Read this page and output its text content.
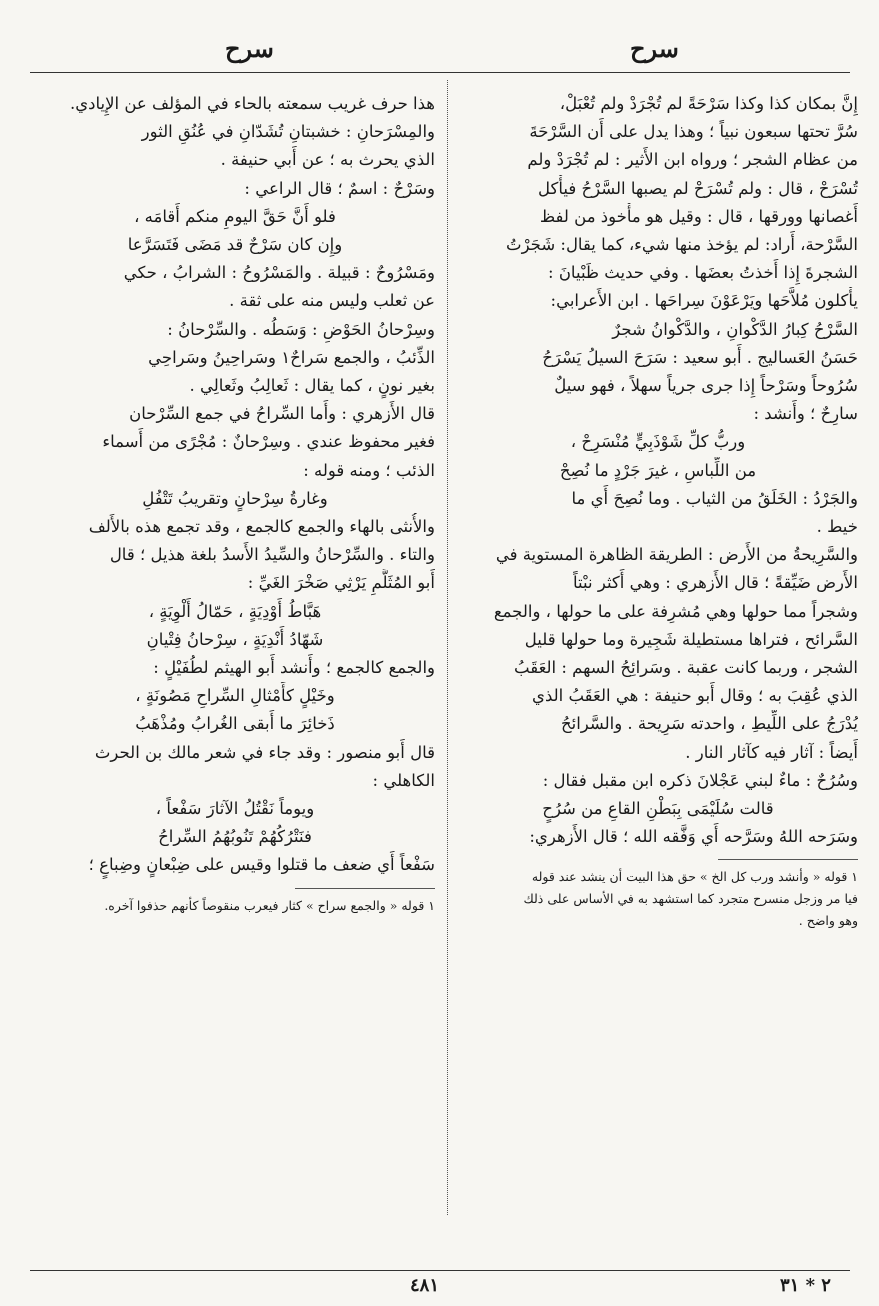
سرح
سرح
إِنَّ بمكان كذا وكذا سَرْحَةً لم تُجْرَدْ ولم تُعْبَلْ،
سُرَّ تحتها سبعون نبياً ؛ وهذا يدل على أَن السَّرْحَةَ
من عظام الشجر ؛ ورواه ابن الأَثير : لم تُجْرَدْ ولم
تُسْرَحْ ، قال : ولم تُسْرَحْ لم يصبها السَّرْحُ فيأْكل
أَغصانها وورقها ، قال : وقيل هو مأْخوذ من لفظ
السَّرْحة، أَراد: لم يؤخذ منها شيء، كما يقال: شَجَرْتُ
الشجرةَ إِذا أَخذتُ بعضَها . وفي حديث ظَبْيانَ :
يأْكلون مُلاَّحَها ويَرْعَوْنَ سِراحَها . ابن الأَعرابي:
السَّرْحُ كِبارُ الدَّكْوانِ ، والدَّكْوانُ شجرٌ
حَسَنُ العَساليج . أَبو سعيد : سَرَحَ السيلُ يَسْرَحُ
سُرُوحاً وسَرْحاً إِذا جرى جرياً سهلاً ، فهو سيلٌ
سارِحٌ ؛ وأَنشد :
وربُّ كلِّ شَوْذَبِيٍّ مُنْسَرِحْ ،
من اللِّباسِ ، غيرَ جَرْدٍ ما نُصِحْ
والجَرْدُ : الخَلَقُ من الثياب . وما نُصِحَ أَي ما
خيط .
والسَّرِيحةُ من الأَرض : الطريقة الظاهرة المستوية في
الأَرض ضَيِّقةً ؛ قال الأَزهري : وهي أَكثر نبْتاً
وشجراً مما حولها وهي مُشرِفة على ما حولها ، والجمع
السَّرائح ، فتراها مستطيلة شَجِيرة وما حولها قليل
الشجر ، وربما كانت عقبة . وسَرائِحُ السهم : العَقَبُ
الذي عُقِبَ به ؛ وقال أَبو حنيفة : هي العَقَبُ الذي
يُدْرَجُ على اللِّيطِ ، واحدته سَرِيحة . والسَّرائحُ
أَيضاً : آثار فيه كآثار النار .
وسُرُحٌ : ماءٌ لبني عَجْلانَ ذكره ابن مقبل فقال :
قالت سُلَيْمَى بِبَطْنِ القاعِ من سُرُحٍ
وسَرَحه اللهُ وسَرَّحه أَي وَفَّقه الله ؛ قال الأَزهري:
١ قوله « وأنشد ورب كل الخ » حق هذا البيت أن ينشد عند قوله
فيا مر وزجل منسرح متجرد كما استشهد به في الأساس على ذلك
وهو واضح .
هذا حرف غريب سمعته بالحاء في المؤلف عن الإِيادي.
والمِسْرَحانِ : خشبتانِ تُشَدّانِ في عُنُقِ الثور
الذي يحرث به ؛ عن أَبي حنيفة .
وسَرْحٌ : اسمٌ ؛ قال الراعي :
فلو أَنَّ حَقَّ اليومِ منكم أَقامَه ،
وإِن كان سَرْحٌ قد مَضَى فَتَسَرَّعا
ومَسْرُوحٌ : قبيلة . والمَسْرُوحُ : الشرابُ ، حكي
عن ثعلب وليس منه على ثقة .
وسِرْحانُ الحَوْضِ : وَسَطُه . والسِّرْحانُ :
الذِّئبُ ، والجمع سَراحٌ١ وسَراحِينُ وسَراحِي
بغير نونٍ ، كما يقال : ثَعالِبُ وثَعالِي .
قال الأَزهري : وأَما السِّراحُ في جمع السِّرْحان
فغير محفوظ عندي . وسِرْحانٌ : مُجْرًى من أَسماء
الذئب ؛ ومنه قوله :
وغارةُ سِرْحانٍ وتقريبُ تَتْفُلِ
والأُنثى بالهاء والجمع كالجمع ، وقد تجمع هذه بالأَلف
والتاء . والسِّرْحانُ والسِّيدُ الأَسدُ بلغة هذيل ؛ قال
أَبو المُثَلَّمِ يَرْثِي صَخْرَ الغَيِّ :
هَبَّاطُ أَوْدِيَةٍ ، حَمّالُ أَلْوِيَةٍ ،
شَهّادُ أَنْدِيَةٍ ، سِرْحانُ فِتْيانِ
والجمع كالجمع ؛ وأَنشد أَبو الهيثم لطُفَيْلٍ :
وخَيْلٍ كأَمْثالِ السِّراحِ مَصُونَةٍ ،
ذَخائِرَ ما أَبقى الغُرابُ ومُذْهَبُ
قال أَبو منصور : وقد جاء في شعر مالك بن الحرث
الكاهلي :
ويوماً نَقْتُلُ الآثارَ سَفْعاً ،
فنَتْرُكُهُمْ تَنُوبُهُمُ السِّراحُ
سَفْعاً أَي ضعف ما قتلوا وقيس على ضِبْعانٍ وضِباعٍ ؛
١ قوله « والجمع سراح » كثار فيعرب منقوصاً كأنهم حذفوا آخره.
٤٨١	٢ * ٣١
